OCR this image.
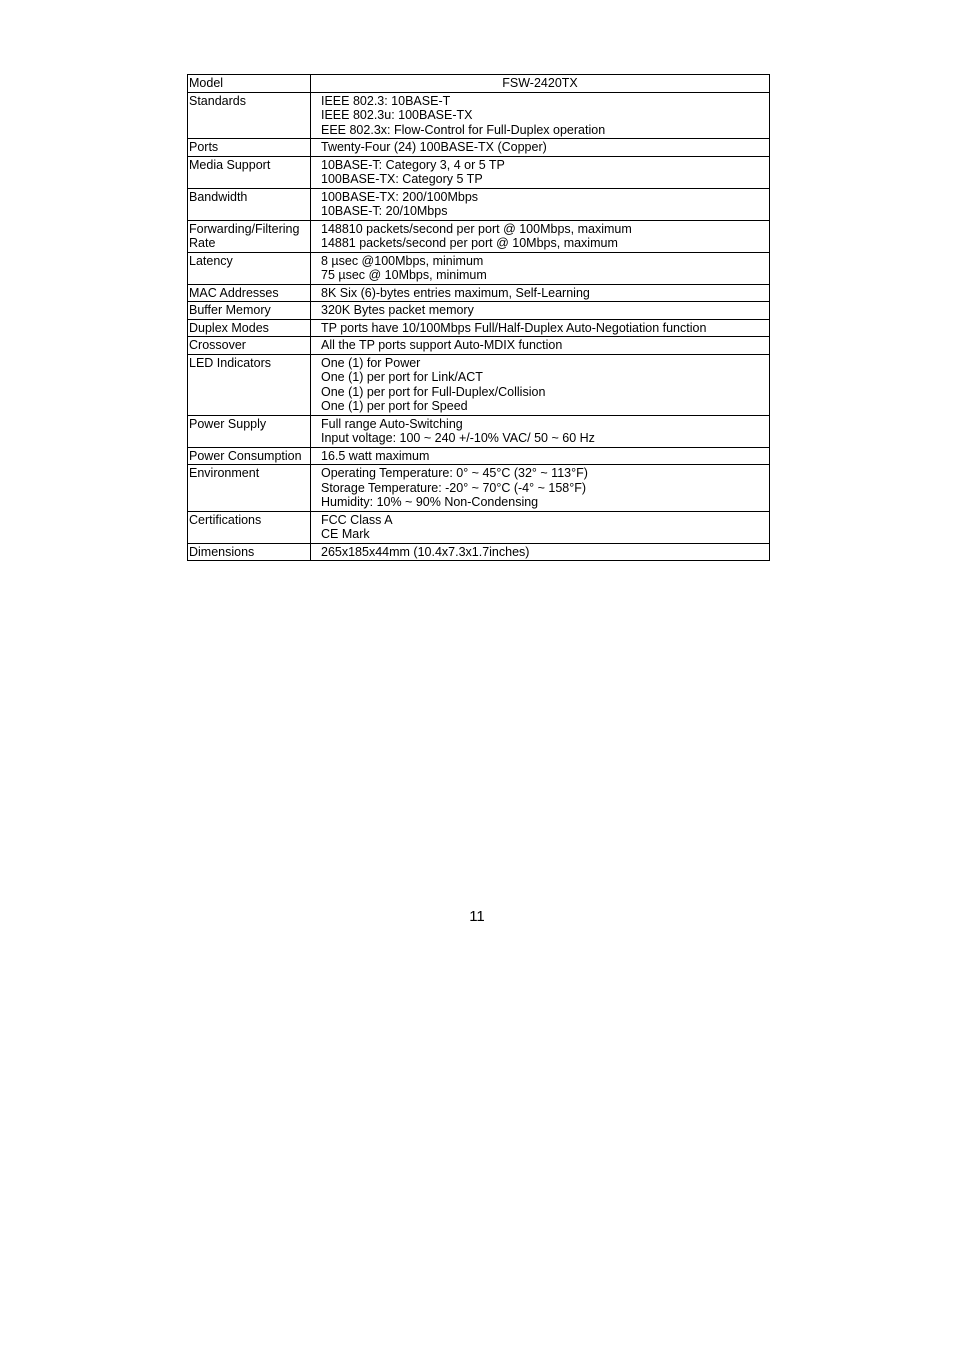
Model	FSW-2420TX

Standards	IEEE 802.3: 10BASE-T
IEEE 802.3u: 100BASE-TX
EEE 802.3x: Flow-Control for Full-Duplex operation

Ports	Twenty-Four (24) 100BASE-TX (Copper)

Media Support	10BASE-T: Category 3, 4 or 5 TP
100BASE-TX: Category 5 TP

Bandwidth	100BASE-TX: 200/100Mbps
10BASE-T: 20/10Mbps

Forwarding/Filtering Rate	148810 packets/second per port @ 100Mbps, maximum
14881 packets/second per port @ 10Mbps, maximum

Latency	8 µsec @100Mbps, minimum
75 µsec @ 10Mbps, minimum

MAC Addresses	8K Six (6)-bytes entries maximum, Self-Learning

Buffer Memory	320K Bytes packet memory

Duplex Modes	TP ports have 10/100Mbps Full/Half-Duplex Auto-Negotiation function

Crossover	All the TP ports support Auto-MDIX function

LED Indicators	One (1) for Power
One (1) per port for Link/ACT
One (1) per port for Full-Duplex/Collision
One (1) per port for Speed

Power Supply	Full range Auto-Switching
Input voltage: 100 ~ 240 +/-10% VAC/ 50 ~ 60 Hz

Power Consumption	16.5 watt maximum

Environment	Operating Temperature: 0° ~ 45°C (32° ~ 113°F)
Storage Temperature: -20° ~ 70°C (-4° ~ 158°F)
Humidity: 10% ~ 90% Non-Condensing

Certifications	FCC Class A
CE Mark

Dimensions	265x185x44mm (10.4x7.3x1.7inches)
11
